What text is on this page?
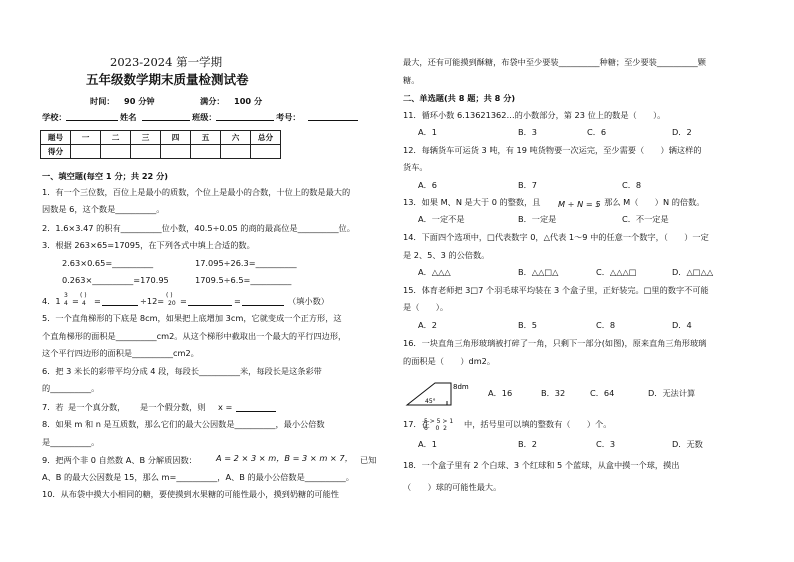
2023-2024 第一学期
五年级数学期末质量检测试卷
时间： 90 分钟	满分： 100 分
学校：	姓名	班级：	考号：
题号	一	二	三	四	五	六	总分
得分							
一、填空题(每空 1 分；共 22 分)
1．有一个三位数，百位上是最小的质数，个位上是最小的合数，十位上的数是最大的
因数是 6，这个数是__________。
2．1.6×3.47 的积有__________位小数，40.5÷0.05 的商的最高位是__________位。
3．根据 263×65=17095，在下列各式中填上合适的数。
2.63×0.65=__________	17.095÷26.3=__________
0.263×__________=170.95	1709.5÷6.5=__________
4．1
3
4 =
( )
4 =	÷12=
( )
20 =	=	（填小数）
5．一个直角梯形的下底是 8cm，如果把上底增加 3cm，它就变成一个正方形，这
个直角梯形的面积是__________cm2。从这个梯形中截取出一个最大的平行四边形，
这个平行四边形的面积是__________cm2。
6．把 3 米长的彩带平均分成 4 段，每段长__________米，每段长是这条彩带
的__________。
7．若 是一个真分数， 是一个假分数，则 x =
8．如果 m 和 n 是互质数，那么它们的最大公因数是__________，最小公倍数
是__________。
9．把两个非 0 自然数 A、B 分解质因数： A = 2 × 3 × m，B = 3 × m × 7， 已知
A、B 的最大公因数是 15，那么 m=__________，A、B 的最小公倍数是__________。
10．从布袋中摸大小相同的糖，要使摸到水果糖的可能性最小，摸到奶糖的可能性
最大，还有可能摸到酥糖，布袋中至少要装__________种糖；至少要装__________颗
糖。
二、单选题(共 8 题；共 8 分)
11．循环小数 6.13621362…的小数部分，第 23 位上的数是（　　）。
A．1	B．3	C．6	D．2
12．每辆货车可运货 3 吨，有 19 吨货物要一次运完，至少需要（　　）辆这样的
货车。
A．6	B．7	C．8
13．如果 M、N 是大于 0 的整数，且 M ÷ N = 5
，那么 M（　　）N 的倍数。
A．一定不是	B．一定是	C．不一定是
14．下面四个选项中，□代表数字 0，△代表 1～9 中的任意一个数字，（　　）一定
是 2、5、3 的公倍数。
A．△△△	B．△△□△	C．△△△□	D．△□△△
15．体育老师把 3□7 个羽毛球平均装在 3 个盒子里，正好装完。□里的数字不可能
是（　　）。
A．2	B．5	C．8	D．4
16．一块直角三角形玻璃被打碎了一角，只剩下一部分(如图)，原来直角三角形玻璃
的面积是（　　）dm2。
8dm
45°
A．16	B．32	C．64	D．无法计算
17．在
5 > 5 > 1
6    0  2 中，括号里可以填的整数有（　　）个。
A．1	B．2	C．3	D．无数
18．一个盒子里有 2 个白球、3 个红球和 5 个蓝球，从盒中摸一个球，摸出
（　　）球的可能性最大。
